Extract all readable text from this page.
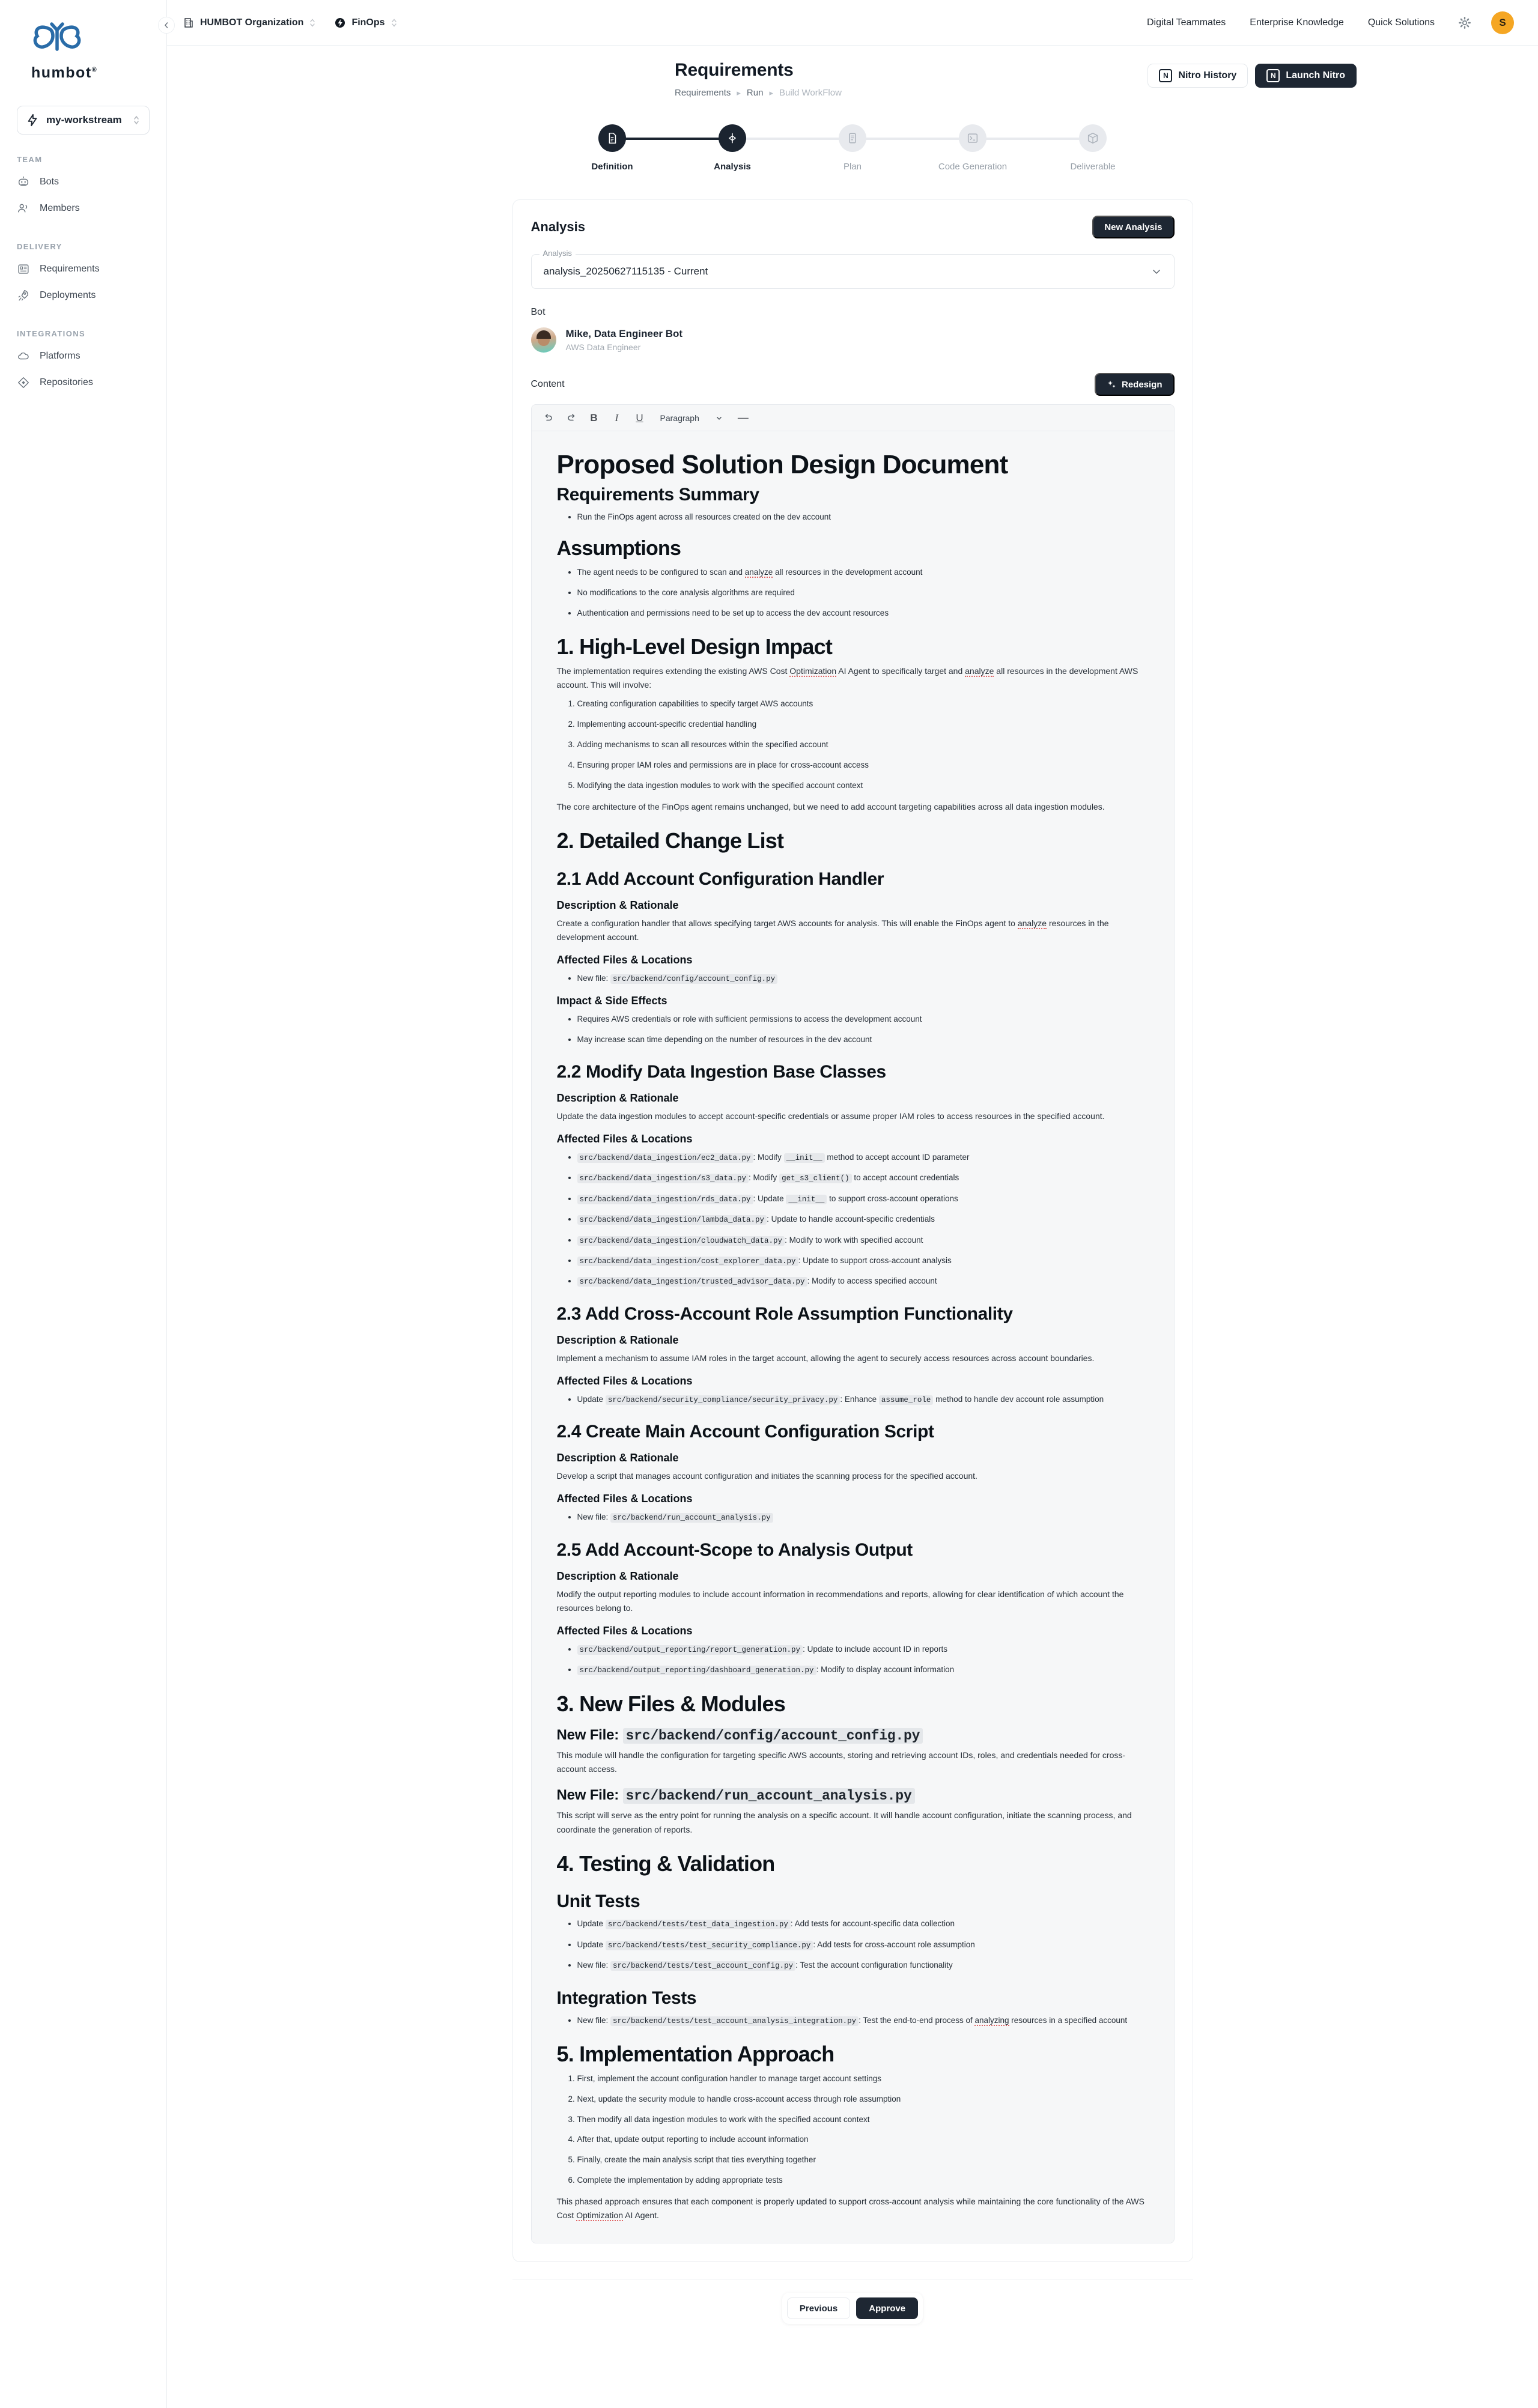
humbot®
my-workstream
TEAM
Bots
Members
DELIVERY
Requirements
Deployments
INTEGRATIONS
Platforms
Repositories
HUMBOT Organization	FinOps	Digital Teammates	Enterprise Knowledge	Quick Solutions	S
Requirements
Requirements ▸ Run ▸ Build WorkFlow
N	Nitro History	N	Launch Nitro
Definition	Analysis	Plan	Code Generation	Deliverable
Analysis	New Analysis
Analysis
analysis_20250627115135 - Current
Bot
Mike, Data Engineer Bot
AWS Data Engineer
Content	Redesign
B	I	U Paragraph	—
Proposed Solution Design Document
Requirements Summary
• Run the FinOps agent across all resources created on the dev account
Assumptions
• The agent needs to be configured to scan and analyze all resources in the development account
• No modifications to the core analysis algorithms are required
• Authentication and permissions need to be set up to access the dev account resources
1. High-Level Design Impact

The implementation requires extending the existing AWS Cost Optimization AI Agent to specifically target and analyze all resources in the development AWS account. This will involve:

1. Creating configuration capabilities to specify target AWS accounts
2. Implementing account-specific credential handling
3. Adding mechanisms to scan all resources within the specified account
4. Ensuring proper IAM roles and permissions are in place for cross-account access
5. Modifying the data ingestion modules to work with the specified account context

The core architecture of the FinOps agent remains unchanged, but we need to add account targeting capabilities across all data ingestion modules.

2. Detailed Change List
2.1 Add Account Configuration Handler
Description & Rationale

Create a configuration handler that allows specifying target AWS accounts for analysis. This will enable the FinOps agent to analyze resources in the development account.

Affected Files & Locations
• New file: src/backend/config/account_config.py
Impact & Side Effects
• Requires AWS credentials or role with sufficient permissions to access the development account
• May increase scan time depending on the number of resources in the dev account
2.2 Modify Data Ingestion Base Classes
Description & Rationale

Update the data ingestion modules to accept account-specific credentials or assume proper IAM roles to access resources in the specified account.

Affected Files & Locations
• src/backend/data_ingestion/ec2_data.py : Modify __init__ method to accept account ID parameter
• src/backend/data_ingestion/s3_data.py : Modify get_s3_client() to accept account credentials
• src/backend/data_ingestion/rds_data.py : Update __init__ to support cross-account operations
• src/backend/data_ingestion/lambda_data.py : Update to handle account-specific credentials
• src/backend/data_ingestion/cloudwatch_data.py : Modify to work with specified account
• src/backend/data_ingestion/cost_explorer_data.py : Update to support cross-account analysis
• src/backend/data_ingestion/trusted_advisor_data.py : Modify to access specified account
2.3 Add Cross-Account Role Assumption Functionality
Description & Rationale

Implement a mechanism to assume IAM roles in the target account, allowing the agent to securely access resources across account boundaries.

Affected Files & Locations
• Update src/backend/security_compliance/security_privacy.py : Enhance assume_role method to handle dev account role assumption
2.4 Create Main Account Configuration Script
Description & Rationale

Develop a script that manages account configuration and initiates the scanning process for the specified account.

Affected Files & Locations
• New file: src/backend/run_account_analysis.py
2.5 Add Account-Scope to Analysis Output
Description & Rationale

Modify the output reporting modules to include account information in recommendations and reports, allowing for clear identification of which account the resources belong to.

Affected Files & Locations
• src/backend/output_reporting/report_generation.py : Update to include account ID in reports
• src/backend/output_reporting/dashboard_generation.py : Modify to display account information
3. New Files & Modules
New File: src/backend/config/account_config.py

This module will handle the configuration for targeting specific AWS accounts, storing and retrieving account IDs, roles, and credentials needed for cross-account access.

New File: src/backend/run_account_analysis.py

This script will serve as the entry point for running the analysis on a specific account. It will handle account configuration, initiate the scanning process, and coordinate the generation of reports.

4. Testing & Validation
Unit Tests
• Update src/backend/tests/test_data_ingestion.py : Add tests for account-specific data collection
• Update src/backend/tests/test_security_compliance.py : Add tests for cross-account role assumption
• New file: src/backend/tests/test_account_config.py : Test the account configuration functionality
Integration Tests
• New file: src/backend/tests/test_account_analysis_integration.py : Test the end-to-end process of analyzing resources in a specified account
5. Implementation Approach
1. First, implement the account configuration handler to manage target account settings
2. Next, update the security module to handle cross-account access through role assumption
3. Then modify all data ingestion modules to work with the specified account context
4. After that, update output reporting to include account information
5. Finally, create the main analysis script that ties everything together
6. Complete the implementation by adding appropriate tests

This phased approach ensures that each component is properly updated to support cross-account analysis while maintaining the core functionality of the AWS Cost Optimization AI Agent.

Previous	Approve
